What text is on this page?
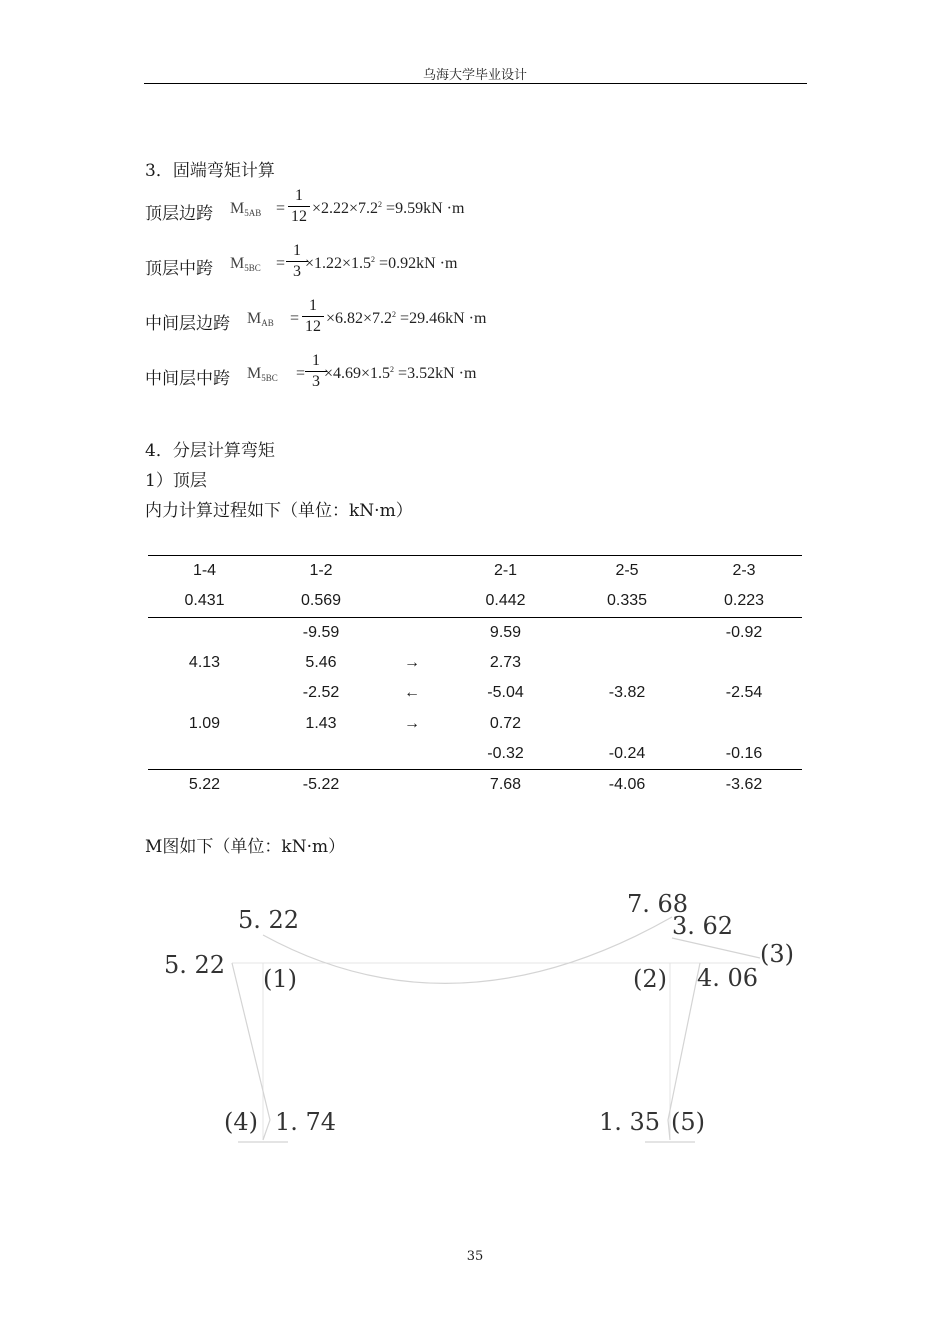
乌海大学毕业设计
3．固端弯矩计算
顶层边跨 $M_{5AB} = \frac{1}{12} \times 2.22\times 7.2^2 =9.59kN \cdot m$
顶层中跨 $M_{5BC} = \frac{1}{3}$
$\times 1.22\times 1.5^2 =0.92kN \cdot m$
中间层边跨 $M_{AB} = \frac{1}{12} \times 6.82\times 7.2^2 =29.46kN \cdot m$
中间层中跨 $M_{5BC} = \frac{1}{3}$
$\times 4.69\times 1.5^2 =3.52kN \cdot m$
4．分层计算弯矩
1）顶层
内力计算过程如下（单位：kN·m）
1-4	1-2		2-1	2-5	2-3
0.431	0.569		0.442	0.335	0.223
	-9.59		9.59		-0.92
4.13	5.46	→	2.73		
	-2.52	←	-5.04	-3.82	-2.54
1.09	1.43	→	0.72		
			-0.32	-0.24	-0.16
5.22	-5.22		7.68	-4.06	-3.62
M图如下（单位：kN·m）
5. 22
5. 22 (1)
7. 68
3. 62
(3)
(2) 4. 06
(4) 1. 74	1. 35 (5)
35
